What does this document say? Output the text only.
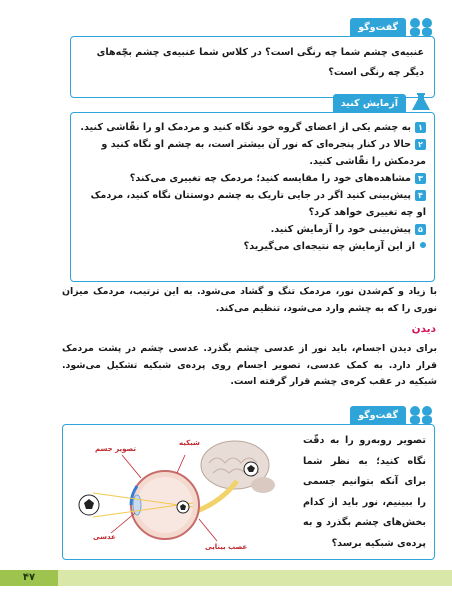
گفت‌وگو
عنبیه‌ی چشم شما چه رنگی است؟ در کلاس شما عنبیه‌ی چشم بچّه‌های دیگر چه رنگی است؟
آزمایش کنید
۱به چشم یکی از اعضای گروه خود نگاه کنید و مردمک او را نقّاشی کنید.
۲حالا در کنار پنجره‌ای که نور آن بیشتر است، به چشم او نگاه کنید و مردمکش را نقّاشی کنید.
۳مشاهده‌های خود را مقایسه کنید؛ مردمک چه تغییری می‌کند؟
۴پیش‌بینی کنید اگر در جایی تاریک به چشم دوستتان نگاه کنید، مردمک او چه تغییری خواهد کرد؟
۵پیش‌بینی خود را آزمایش کنید.
از این آزمایش چه نتیجه‌ای می‌گیرید؟
با زیاد و کم‌شدن نور، مردمک تنگ و گشاد می‌شود. به این ترتیب، مردمک میزان نوری را که به چشم وارد می‌شود، تنظیم می‌کند.
دیدن
برای دیدن اجسام، باید نور از عدسی چشم بگذرد. عدسی چشم در پشت مردمک قرار دارد. به کمک عدسی، تصویر اجسام روی پرده‌ی شبکیه تشکیل می‌شود. شبکیه در عقب کره‌ی چشم قرار گرفته است.
گفت‌وگو
تصویر روبه‌رو را به دقّت نگاه کنید؛ به نظر شما برای آنکه بتوانیم جسمی را ببینیم، نور باید از کدام بخش‌های چشم بگذرد و به پرده‌ی شبکیه برسد؟
شبکیه
تصویر جسم
عدسی
عصب بینایی
۴۷
